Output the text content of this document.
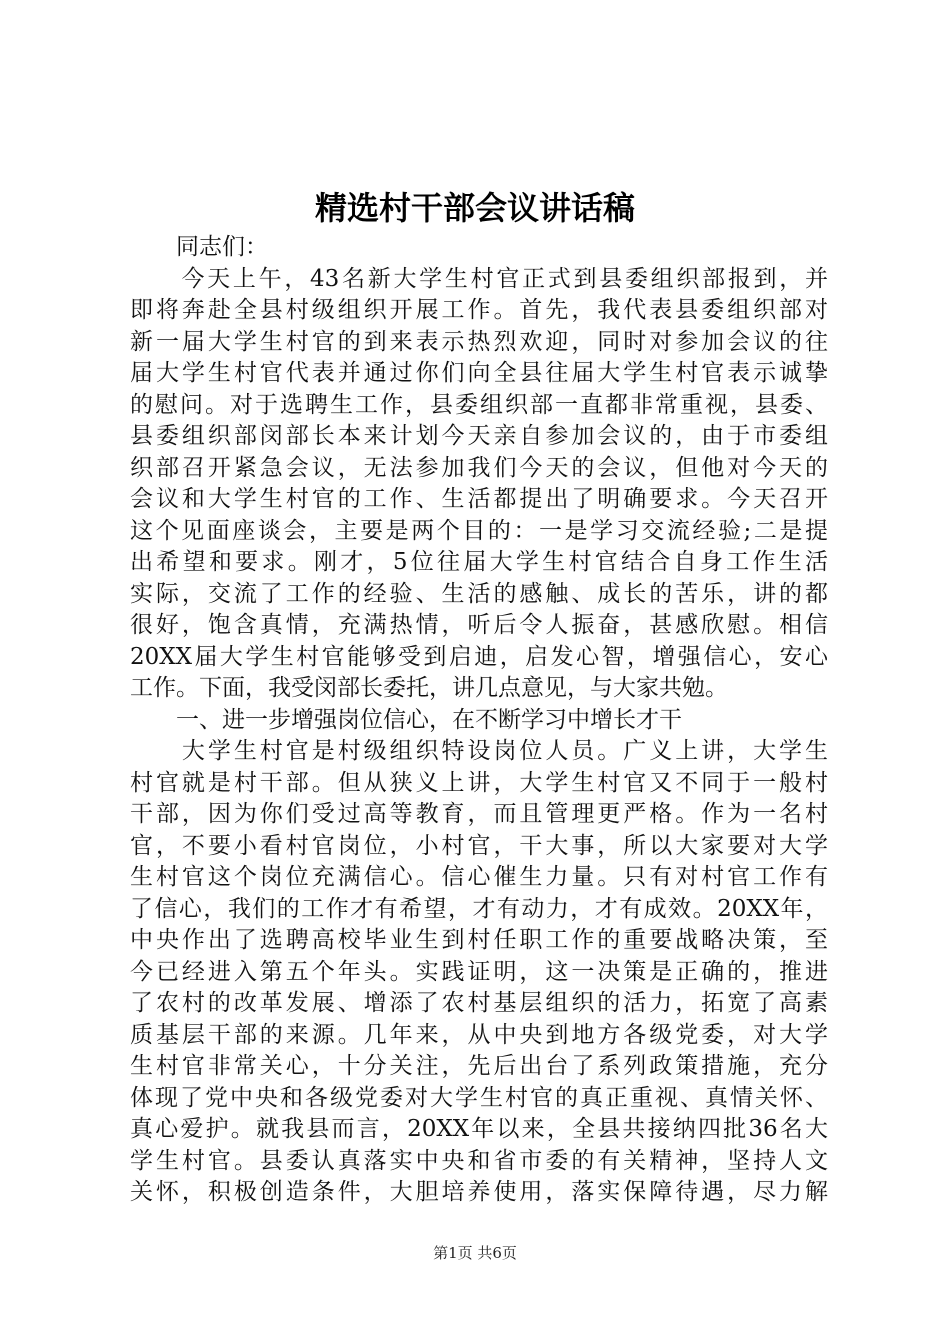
精选村干部会议讲话稿
　　同志们：
　　今天上午，43名新大学生村官正式到县委组织部报到，并
即将奔赴全县村级组织开展工作。首先，我代表县委组织部对
新一届大学生村官的到来表示热烈欢迎，同时对参加会议的往
届大学生村官代表并通过你们向全县往届大学生村官表示诚挚
的慰问。对于选聘生工作，县委组织部一直都非常重视，县委、
县委组织部闵部长本来计划今天亲自参加会议的，由于市委组
织部召开紧急会议，无法参加我们今天的会议，但他对今天的
会议和大学生村官的工作、生活都提出了明确要求。今天召开
这个见面座谈会，主要是两个目的：一是学习交流经验;二是提
出希望和要求。刚才，5位往届大学生村官结合自身工作生活
实际，交流了工作的经验、生活的感触、成长的苦乐，讲的都
很好，饱含真情，充满热情，听后令人振奋，甚感欣慰。相信
20XX届大学生村官能够受到启迪，启发心智，增强信心，安心
工作。下面，我受闵部长委托，讲几点意见，与大家共勉。
　　一、进一步增强岗位信心，在不断学习中增长才干
　　大学生村官是村级组织特设岗位人员。广义上讲，大学生
村官就是村干部。但从狭义上讲，大学生村官又不同于一般村
干部，因为你们受过高等教育，而且管理更严格。作为一名村
官，不要小看村官岗位，小村官，干大事，所以大家要对大学
生村官这个岗位充满信心。信心催生力量。只有对村官工作有
了信心，我们的工作才有希望，才有动力，才有成效。20XX年，
中央作出了选聘高校毕业生到村任职工作的重要战略决策，至
今已经进入第五个年头。实践证明，这一决策是正确的，推进
了农村的改革发展、增添了农村基层组织的活力，拓宽了高素
质基层干部的来源。几年来，从中央到地方各级党委，对大学
生村官非常关心，十分关注，先后出台了系列政策措施，充分
体现了党中央和各级党委对大学生村官的真正重视、真情关怀、
真心爱护。就我县而言，20XX年以来，全县共接纳四批36名大
学生村官。县委认真落实中央和省市委的有关精神，坚持人文
关怀，积极创造条件，大胆培养使用，落实保障待遇，尽力解
第1页 共6页
